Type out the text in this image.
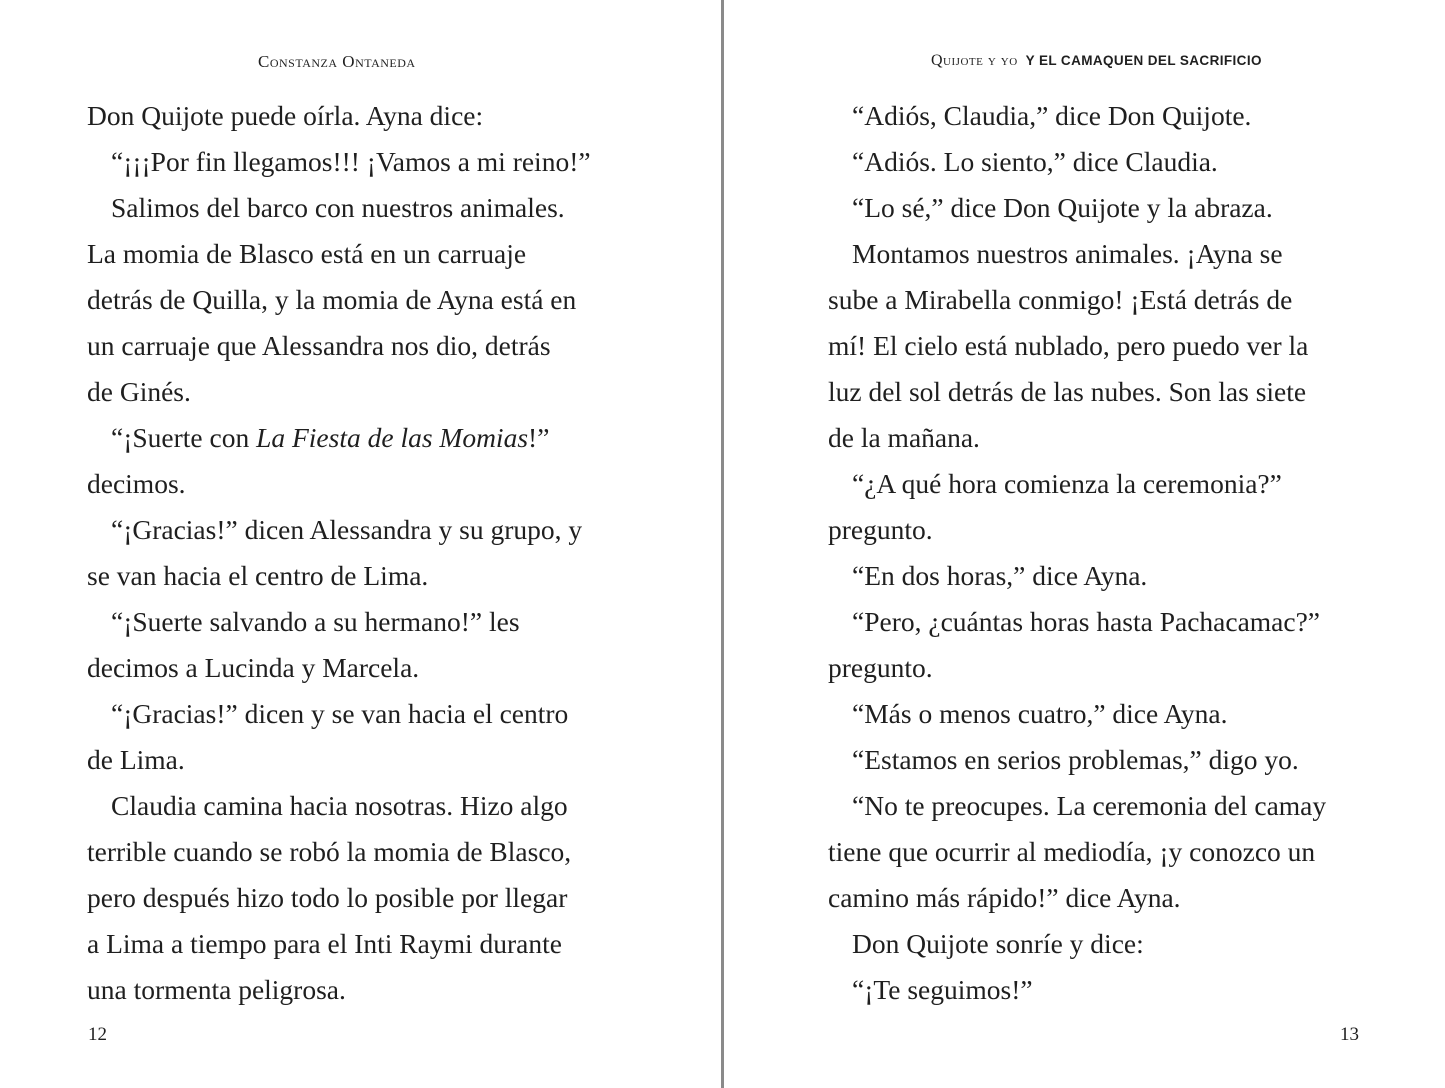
Constanza Ontaneda
Don Quijote puede oírla. Ayna dice:
“¡¡¡Por fin llegamos!!! ¡Vamos a mi reino!”
Salimos del barco con nuestros animales.
La momia de Blasco está en un carruaje
detrás de Quilla, y la momia de Ayna está en
un carruaje que Alessandra nos dio, detrás
de Ginés.
“¡Suerte con La Fiesta de las Momias!”
decimos.
“¡Gracias!” dicen Alessandra y su grupo, y
se van hacia el centro de Lima.
“¡Suerte salvando a su hermano!” les
decimos a Lucinda y Marcela.
“¡Gracias!” dicen y se van hacia el centro
de Lima.
Claudia camina hacia nosotras. Hizo algo
terrible cuando se robó la momia de Blasco,
pero después hizo todo lo posible por llegar
a Lima a tiempo para el Inti Raymi durante
una tormenta peligrosa.
12
Quijote y yo Y EL CAMAQUEN DEL SACRIFICIO
“Adiós, Claudia,” dice Don Quijote.
“Adiós. Lo siento,” dice Claudia.
“Lo sé,” dice Don Quijote y la abraza.
Montamos nuestros animales. ¡Ayna se
sube a Mirabella conmigo! ¡Está detrás de
mí! El cielo está nublado, pero puedo ver la
luz del sol detrás de las nubes. Son las siete
de la mañana.
“¿A qué hora comienza la ceremonia?”
pregunto.
“En dos horas,” dice Ayna.
“Pero, ¿cuántas horas hasta Pachacamac?”
pregunto.
“Más o menos cuatro,” dice Ayna.
“Estamos en serios problemas,” digo yo.
“No te preocupes. La ceremonia del camay
tiene que ocurrir al mediodía, ¡y conozco un
camino más rápido!” dice Ayna.
Don Quijote sonríe y dice:
“¡Te seguimos!”
13
